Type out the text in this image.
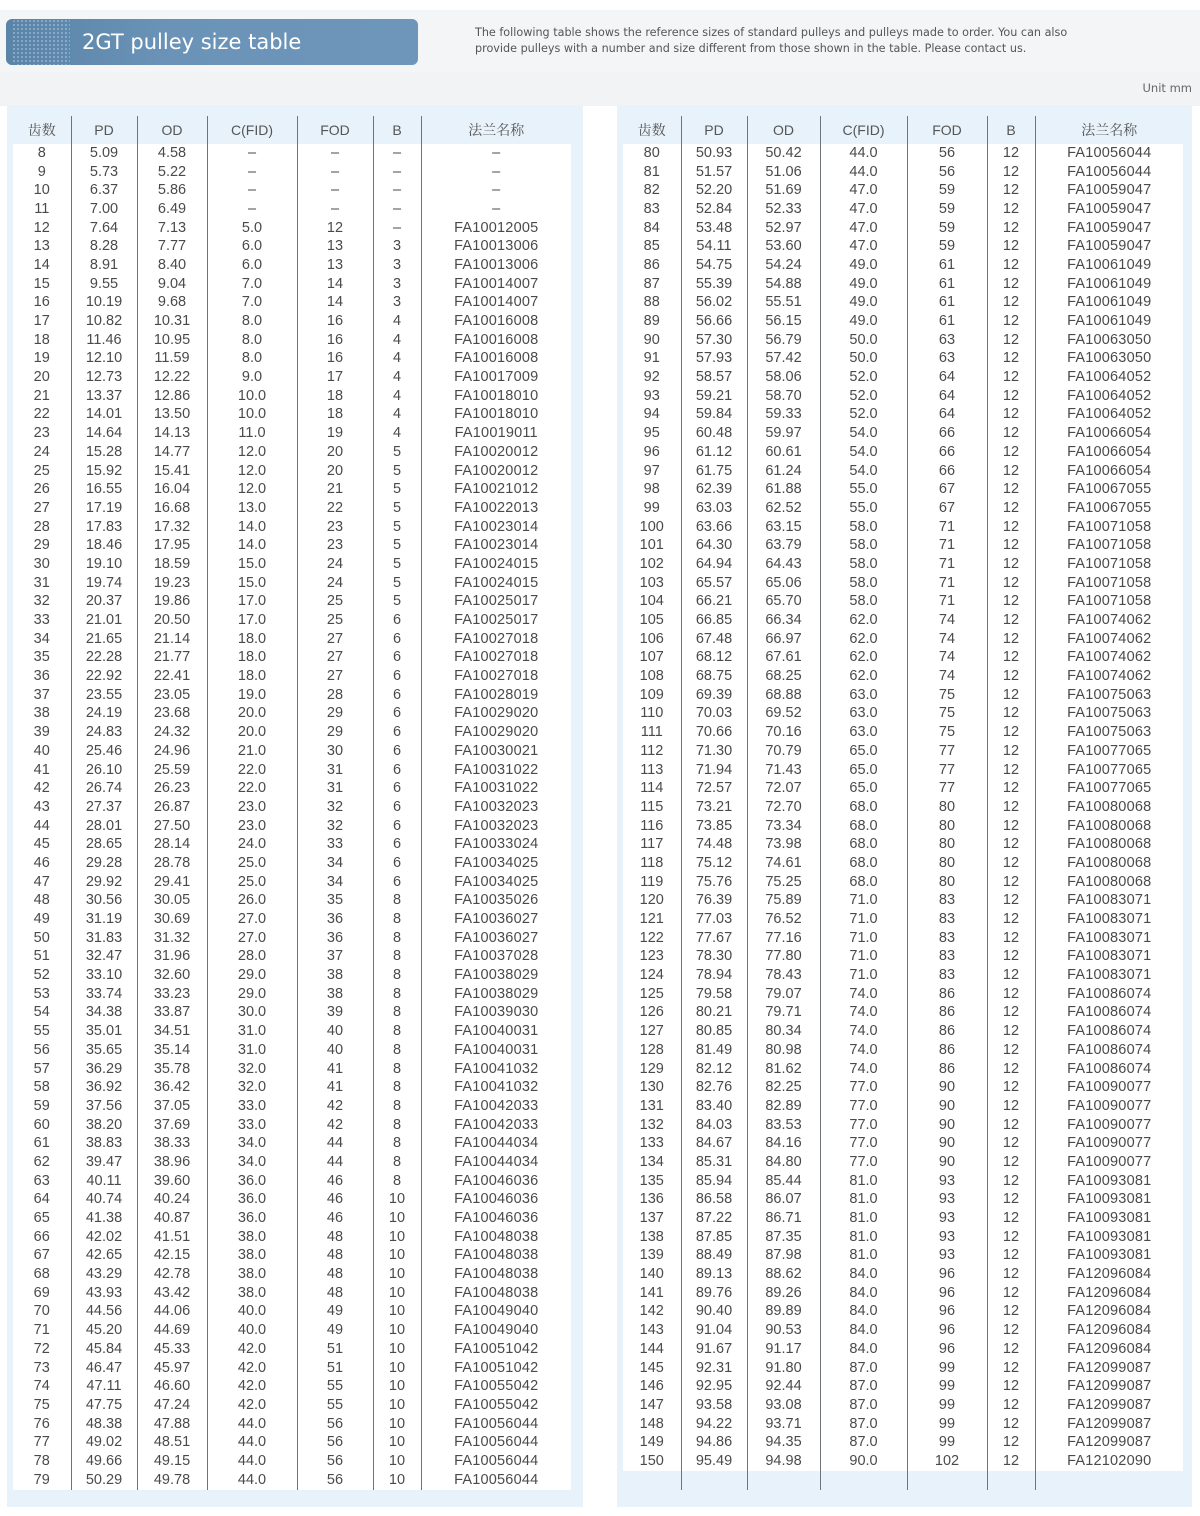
2GT pulley size table	The following table shows the reference sizes of standard pulleys and pulleys made to order. You can also provide pulleys with a number and size different from those shown in the table. Please contact us.
Unit mm
齿数	PD	OD	C(FID)	FOD	B	法兰名称
8	5.09	4.58	–	–	–	–
9	5.73	5.22	–	–	–	–
10	6.37	5.86	–	–	–	–
11	7.00	6.49	–	–	–	–
12	7.64	7.13	5.0	12	–	FA10012005
13	8.28	7.77	6.0	13	3	FA10013006
14	8.91	8.40	6.0	13	3	FA10013006
15	9.55	9.04	7.0	14	3	FA10014007
16	10.19	9.68	7.0	14	3	FA10014007
17	10.82	10.31	8.0	16	4	FA10016008
18	11.46	10.95	8.0	16	4	FA10016008
19	12.10	11.59	8.0	16	4	FA10016008
20	12.73	12.22	9.0	17	4	FA10017009
21	13.37	12.86	10.0	18	4	FA10018010
22	14.01	13.50	10.0	18	4	FA10018010
23	14.64	14.13	11.0	19	4	FA10019011
24	15.28	14.77	12.0	20	5	FA10020012
25	15.92	15.41	12.0	20	5	FA10020012
26	16.55	16.04	12.0	21	5	FA10021012
27	17.19	16.68	13.0	22	5	FA10022013
28	17.83	17.32	14.0	23	5	FA10023014
29	18.46	17.95	14.0	23	5	FA10023014
30	19.10	18.59	15.0	24	5	FA10024015
31	19.74	19.23	15.0	24	5	FA10024015
32	20.37	19.86	17.0	25	5	FA10025017
33	21.01	20.50	17.0	25	6	FA10025017
34	21.65	21.14	18.0	27	6	FA10027018
35	22.28	21.77	18.0	27	6	FA10027018
36	22.92	22.41	18.0	27	6	FA10027018
37	23.55	23.05	19.0	28	6	FA10028019
38	24.19	23.68	20.0	29	6	FA10029020
39	24.83	24.32	20.0	29	6	FA10029020
40	25.46	24.96	21.0	30	6	FA10030021
41	26.10	25.59	22.0	31	6	FA10031022
42	26.74	26.23	22.0	31	6	FA10031022
43	27.37	26.87	23.0	32	6	FA10032023
44	28.01	27.50	23.0	32	6	FA10032023
45	28.65	28.14	24.0	33	6	FA10033024
46	29.28	28.78	25.0	34	6	FA10034025
47	29.92	29.41	25.0	34	6	FA10034025
48	30.56	30.05	26.0	35	8	FA10035026
49	31.19	30.69	27.0	36	8	FA10036027
50	31.83	31.32	27.0	36	8	FA10036027
51	32.47	31.96	28.0	37	8	FA10037028
52	33.10	32.60	29.0	38	8	FA10038029
53	33.74	33.23	29.0	38	8	FA10038029
54	34.38	33.87	30.0	39	8	FA10039030
55	35.01	34.51	31.0	40	8	FA10040031
56	35.65	35.14	31.0	40	8	FA10040031
57	36.29	35.78	32.0	41	8	FA10041032
58	36.92	36.42	32.0	41	8	FA10041032
59	37.56	37.05	33.0	42	8	FA10042033
60	38.20	37.69	33.0	42	8	FA10042033
61	38.83	38.33	34.0	44	8	FA10044034
62	39.47	38.96	34.0	44	8	FA10044034
63	40.11	39.60	36.0	46	8	FA10046036
64	40.74	40.24	36.0	46	10	FA10046036
65	41.38	40.87	36.0	46	10	FA10046036
66	42.02	41.51	38.0	48	10	FA10048038
67	42.65	42.15	38.0	48	10	FA10048038
68	43.29	42.78	38.0	48	10	FA10048038
69	43.93	43.42	38.0	48	10	FA10048038
70	44.56	44.06	40.0	49	10	FA10049040
71	45.20	44.69	40.0	49	10	FA10049040
72	45.84	45.33	42.0	51	10	FA10051042
73	46.47	45.97	42.0	51	10	FA10051042
74	47.11	46.60	42.0	55	10	FA10055042
75	47.75	47.24	42.0	55	10	FA10055042
76	48.38	47.88	44.0	56	10	FA10056044
77	49.02	48.51	44.0	56	10	FA10056044
78	49.66	49.15	44.0	56	10	FA10056044
79	50.29	49.78	44.0	56	10	FA10056044
齿数	PD	OD	C(FID)	FOD	B	法兰名称
80	50.93	50.42	44.0	56	12	FA10056044
81	51.57	51.06	44.0	56	12	FA10056044
82	52.20	51.69	47.0	59	12	FA10059047
83	52.84	52.33	47.0	59	12	FA10059047
84	53.48	52.97	47.0	59	12	FA10059047
85	54.11	53.60	47.0	59	12	FA10059047
86	54.75	54.24	49.0	61	12	FA10061049
87	55.39	54.88	49.0	61	12	FA10061049
88	56.02	55.51	49.0	61	12	FA10061049
89	56.66	56.15	49.0	61	12	FA10061049
90	57.30	56.79	50.0	63	12	FA10063050
91	57.93	57.42	50.0	63	12	FA10063050
92	58.57	58.06	52.0	64	12	FA10064052
93	59.21	58.70	52.0	64	12	FA10064052
94	59.84	59.33	52.0	64	12	FA10064052
95	60.48	59.97	54.0	66	12	FA10066054
96	61.12	60.61	54.0	66	12	FA10066054
97	61.75	61.24	54.0	66	12	FA10066054
98	62.39	61.88	55.0	67	12	FA10067055
99	63.03	62.52	55.0	67	12	FA10067055
100	63.66	63.15	58.0	71	12	FA10071058
101	64.30	63.79	58.0	71	12	FA10071058
102	64.94	64.43	58.0	71	12	FA10071058
103	65.57	65.06	58.0	71	12	FA10071058
104	66.21	65.70	58.0	71	12	FA10071058
105	66.85	66.34	62.0	74	12	FA10074062
106	67.48	66.97	62.0	74	12	FA10074062
107	68.12	67.61	62.0	74	12	FA10074062
108	68.75	68.25	62.0	74	12	FA10074062
109	69.39	68.88	63.0	75	12	FA10075063
110	70.03	69.52	63.0	75	12	FA10075063
111	70.66	70.16	63.0	75	12	FA10075063
112	71.30	70.79	65.0	77	12	FA10077065
113	71.94	71.43	65.0	77	12	FA10077065
114	72.57	72.07	65.0	77	12	FA10077065
115	73.21	72.70	68.0	80	12	FA10080068
116	73.85	73.34	68.0	80	12	FA10080068
117	74.48	73.98	68.0	80	12	FA10080068
118	75.12	74.61	68.0	80	12	FA10080068
119	75.76	75.25	68.0	80	12	FA10080068
120	76.39	75.89	71.0	83	12	FA10083071
121	77.03	76.52	71.0	83	12	FA10083071
122	77.67	77.16	71.0	83	12	FA10083071
123	78.30	77.80	71.0	83	12	FA10083071
124	78.94	78.43	71.0	83	12	FA10083071
125	79.58	79.07	74.0	86	12	FA10086074
126	80.21	79.71	74.0	86	12	FA10086074
127	80.85	80.34	74.0	86	12	FA10086074
128	81.49	80.98	74.0	86	12	FA10086074
129	82.12	81.62	74.0	86	12	FA10086074
130	82.76	82.25	77.0	90	12	FA10090077
131	83.40	82.89	77.0	90	12	FA10090077
132	84.03	83.53	77.0	90	12	FA10090077
133	84.67	84.16	77.0	90	12	FA10090077
134	85.31	84.80	77.0	90	12	FA10090077
135	85.94	85.44	81.0	93	12	FA10093081
136	86.58	86.07	81.0	93	12	FA10093081
137	87.22	86.71	81.0	93	12	FA10093081
138	87.85	87.35	81.0	93	12	FA10093081
139	88.49	87.98	81.0	93	12	FA10093081
140	89.13	88.62	84.0	96	12	FA12096084
141	89.76	89.26	84.0	96	12	FA12096084
142	90.40	89.89	84.0	96	12	FA12096084
143	91.04	90.53	84.0	96	12	FA12096084
144	91.67	91.17	84.0	96	12	FA12096084
145	92.31	91.80	87.0	99	12	FA12099087
146	92.95	92.44	87.0	99	12	FA12099087
147	93.58	93.08	87.0	99	12	FA12099087
148	94.22	93.71	87.0	99	12	FA12099087
149	94.86	94.35	87.0	99	12	FA12099087
150	95.49	94.98	90.0	102	12	FA12102090
